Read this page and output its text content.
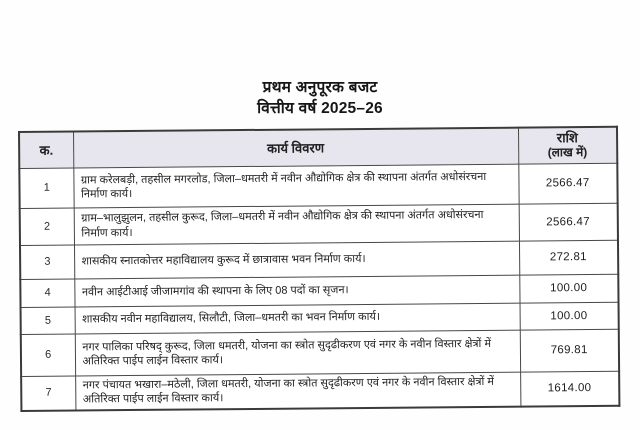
प्रथम अनुपूरक बजट
वित्तीय वर्ष 2025–26
क.	कार्य विवरण	राशि
(लाख में)

1	ग्राम करेलबड़ी, तहसील मगरलोड, जिला–धमतरी में नवीन औद्योगिक क्षेत्र की स्थापना अंतर्गत अधोसंरचना निर्माण कार्य।	2566.47
2	ग्राम–भालुझुलन, तहसील कुरूद, जिला–धमतरी में नवीन औद्योगिक क्षेत्र की स्थापना अंतर्गत अधोसंरचना निर्माण कार्य।	2566.47
3	शासकीय स्नातकोत्तर महाविद्यालय कुरूद में छात्रावास भवन निर्माण कार्य।	272.81
4	नवीन आईटीआई जीजामगांव की स्थापना के लिए 08 पदों का सृजन।	100.00
5	शासकीय नवीन महाविद्यालय, सिलौटी, जिला–धमतरी का भवन निर्माण कार्य।	100.00
6	नगर पालिका परिषद् कुरूद, जिला धमतरी, योजना का स्त्रोत सुदृढीकरण एवं नगर के नवीन विस्तार क्षेत्रों में अतिरिक्त पाईप लाईन विस्तार कार्य।	769.81
7	नगर पंचायत भखारा–मठेली, जिला धमतरी, योजना का स्त्रोत सुदृढीकरण एवं नगर के नवीन विस्तार क्षेत्रों में अतिरिक्त पाईप लाईन विस्तार कार्य।	1614.00
